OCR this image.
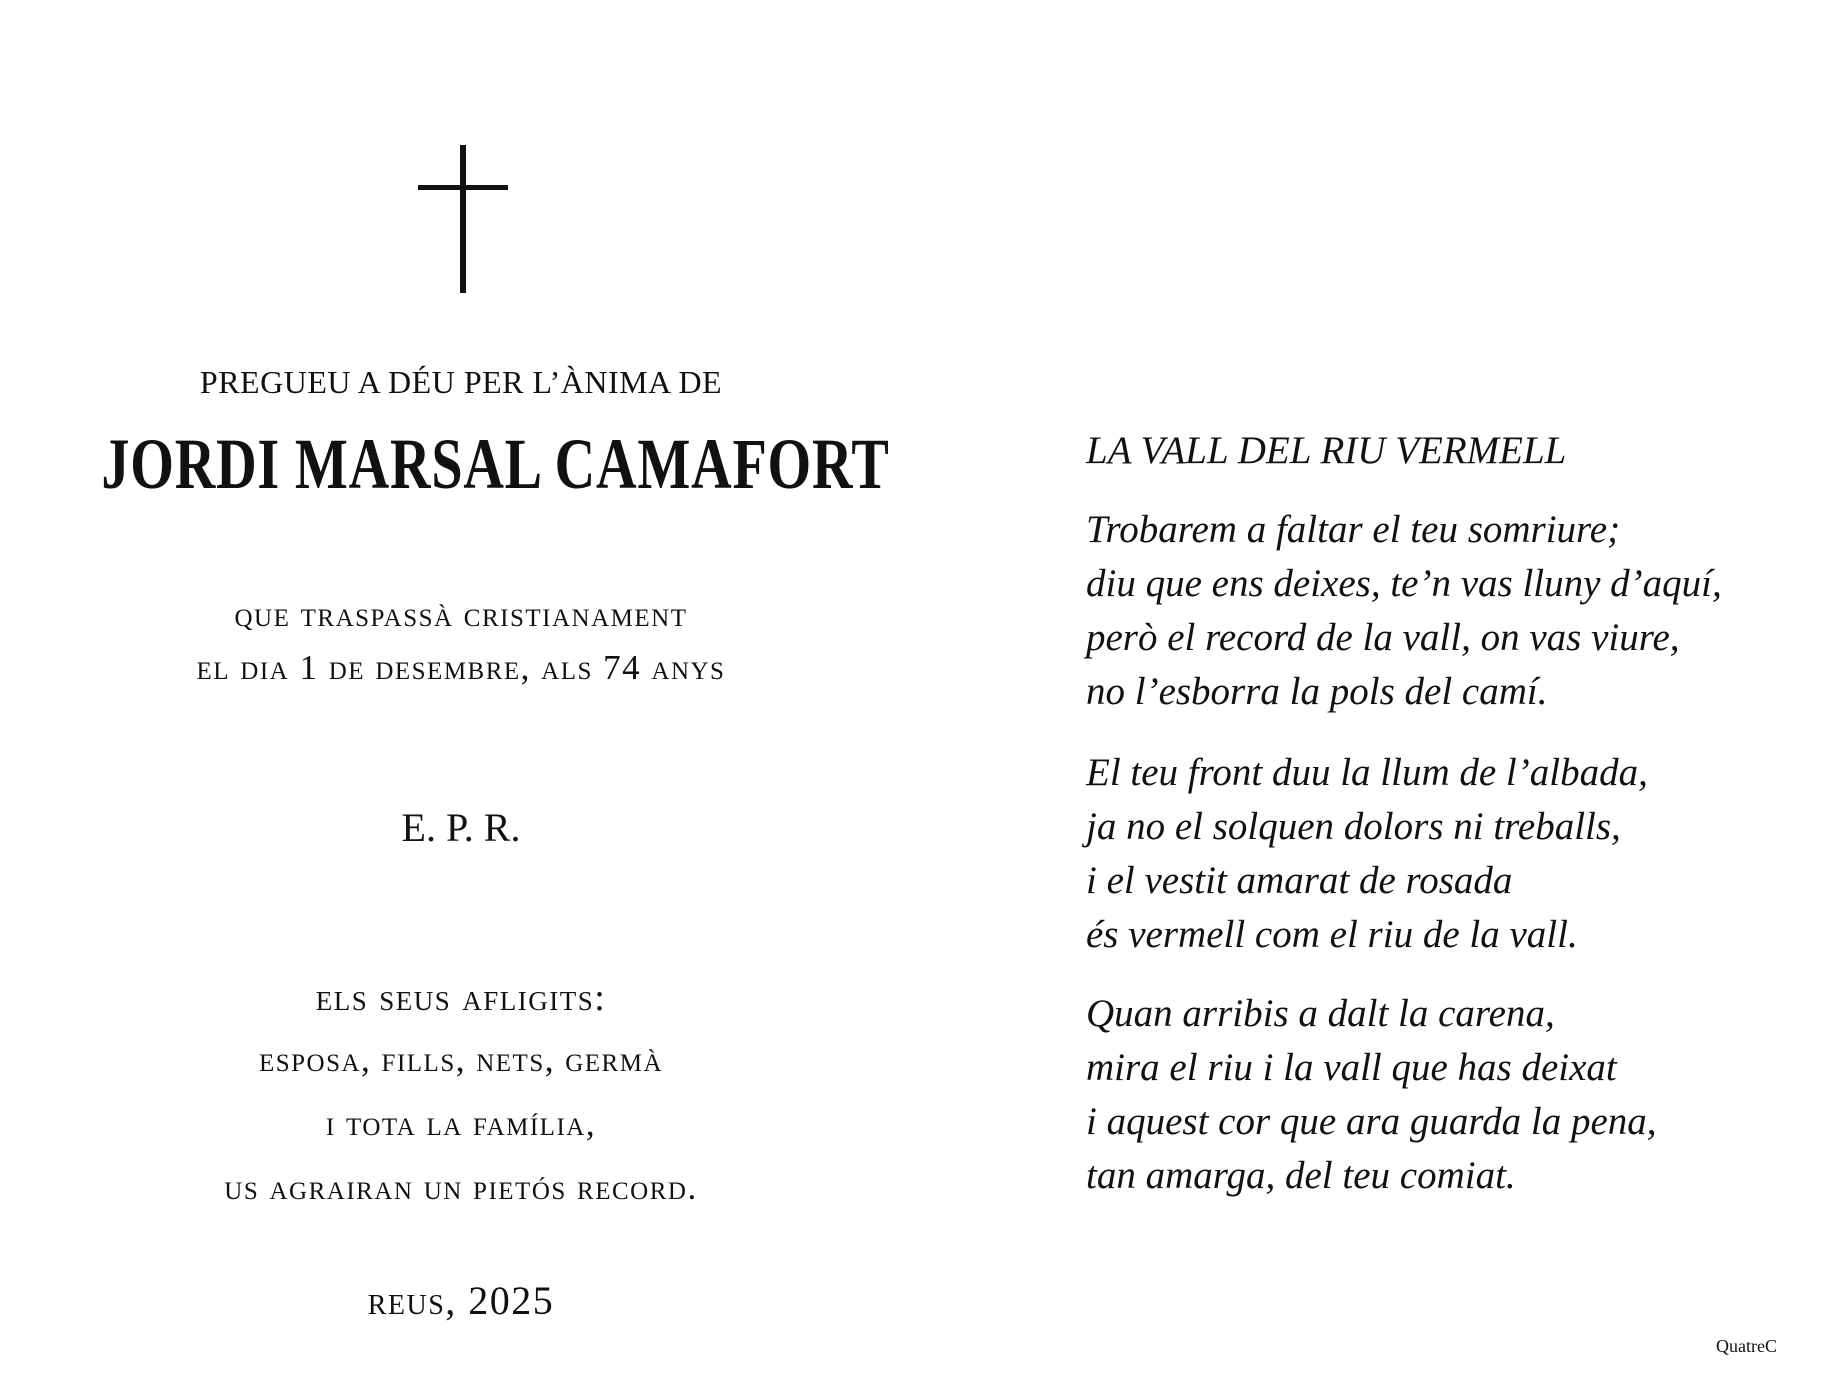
PREGUEU A DÉU PER L’ÀNIMA DE
JORDI MARSAL CAMAFORT
que traspassà cristianament
el dia 1 de desembre, als 74 anys
E. P. R.
els seus afligits:
esposa, fills, nets, germà
i tota la família,
us agrairan un pietós record.
reus, 2025
LA VALL DEL RIU VERMELL
Trobarem a faltar el teu somriure;
diu que ens deixes, te’n vas lluny d’aquí,
però el record de la vall, on vas viure,
no l’esborra la pols del camí.
El teu front duu la llum de l’albada,
ja no el solquen dolors ni treballs,
i el vestit amarat de rosada
és vermell com el riu de la vall.
Quan arribis a dalt la carena,
mira el riu i la vall que has deixat
i aquest cor que ara guarda la pena,
tan amarga, del teu comiat.
QuatreC
